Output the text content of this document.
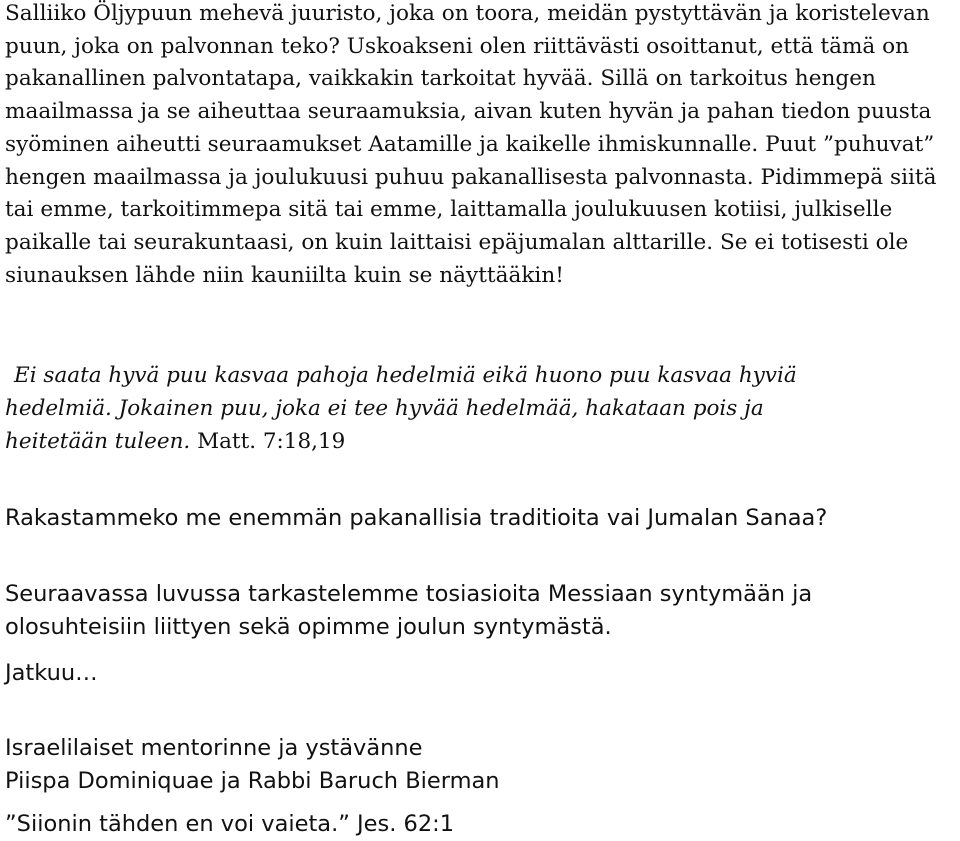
Salliiko Öljypuun mehevä juuristo, joka on toora, meidän pystyttävän ja koristelevan puun, joka on palvonnan teko? Uskoakseni olen riittävästi osoittanut, että tämä on pakanallinen palvontatapa, vaikkakin tarkoitat hyvää. Sillä on tarkoitus hengen maailmassa ja se aiheuttaa seuraamuksia, aivan kuten hyvän ja pahan tiedon puusta syöminen aiheutti seuraamukset Aatamille ja kaikelle ihmiskunnalle. Puut ”puhuvat” hengen maailmassa ja joulukuusi puhuu pakanallisesta palvonnasta. Pidimmepä siitä tai emme, tarkoitimmepa sitä tai emme, laittamalla joulukuusen kotiisi, julkiselle paikalle tai seurakuntaasi, on kuin laittaisi epäjumalan alttarille. Se ei totisesti ole siunauksen lähde niin kauniilta kuin se näyttääkin!

Ei saata hyvä puu kasvaa pahoja hedelmiä eikä huono puu kasvaa hyviä
hedelmiä. Jokainen puu, joka ei tee hyvää hedelmää, hakataan pois ja
heitetään tuleen. Matt. 7:18,19

Rakastammeko me enemmän pakanallisia traditioita vai Jumalan Sanaa?

Seuraavassa luvussa tarkastelemme tosiasioita Messiaan syntymään ja olosuhteisiin liittyen sekä opimme joulun syntymästä.

Jatkuu…

Israelilaiset mentorinne ja ystävänne

Piispa Dominiquae ja Rabbi Baruch Bierman

”Siionin tähden en voi vaieta.” Jes. 62:1
